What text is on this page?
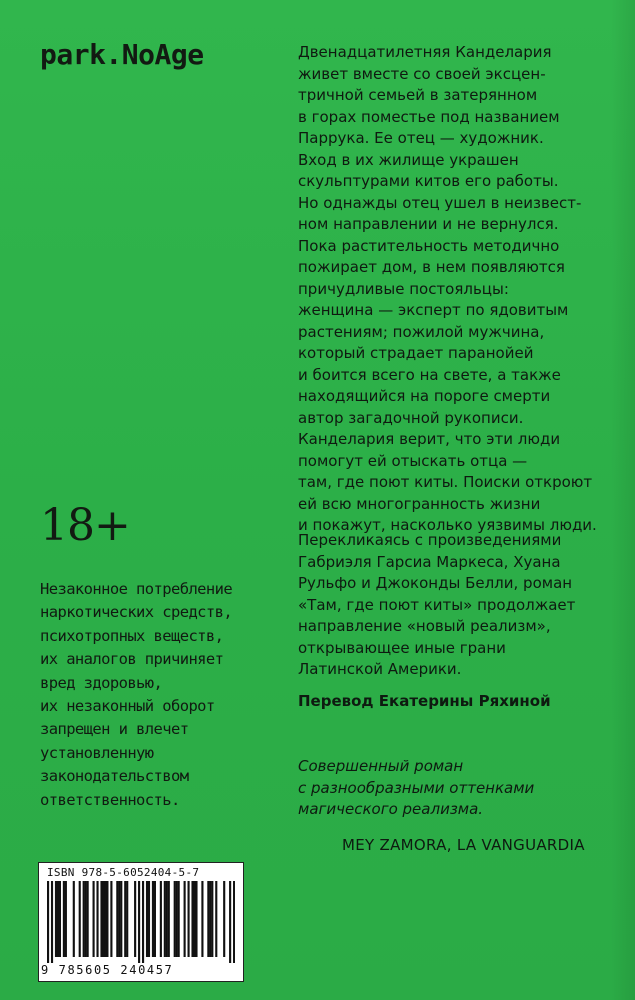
park.NoAge	Двенадцатилетняя Канделария
живет вместе со своей эксцен-
тричной семьей в затерянном
в горах поместье под названием
Паррука. Ее отец — художник.
Вход в их жилище украшен
скульптурами китов его работы.
Но однажды отец ушел в неизвест-
ном направлении и не вернулся.
Пока растительность методично
пожирает дом, в нем появляются
причудливые постояльцы:
женщина — эксперт по ядовитым
растениям; пожилой мужчина,
который страдает паранойей
и боится всего на свете, а также
находящийся на пороге смерти
автор загадочной рукописи.
Канделария верит, что эти люди
помогут ей отыскать отца —
там, где поют киты. Поиски откроют
ей всю многогранность жизни
и покажут, насколько уязвимы люди.
Перекликаясь с произведениями
Габриэля Гарсиа Маркеса, Хуана
Рульфо и Джоконды Белли, роман
«Там, где поют киты» продолжает
направление «новый реализм»,
открывающее иные грани
Латинской Америки.
Перевод Екатерины Ряхиной
Совершенный роман
с разнообразными оттенками
магического реализма.
MEY ZAMORA, LA VANGUARDIA
18+
Незаконное потребление
наркотических средств,
психотропных веществ,
их аналогов причиняет
вред здоровью,
их незаконный оборот
запрещен и влечет
установленную
законодательством
ответственность.
ISBN 978-5-6052404-5-7
9 785605 240457
